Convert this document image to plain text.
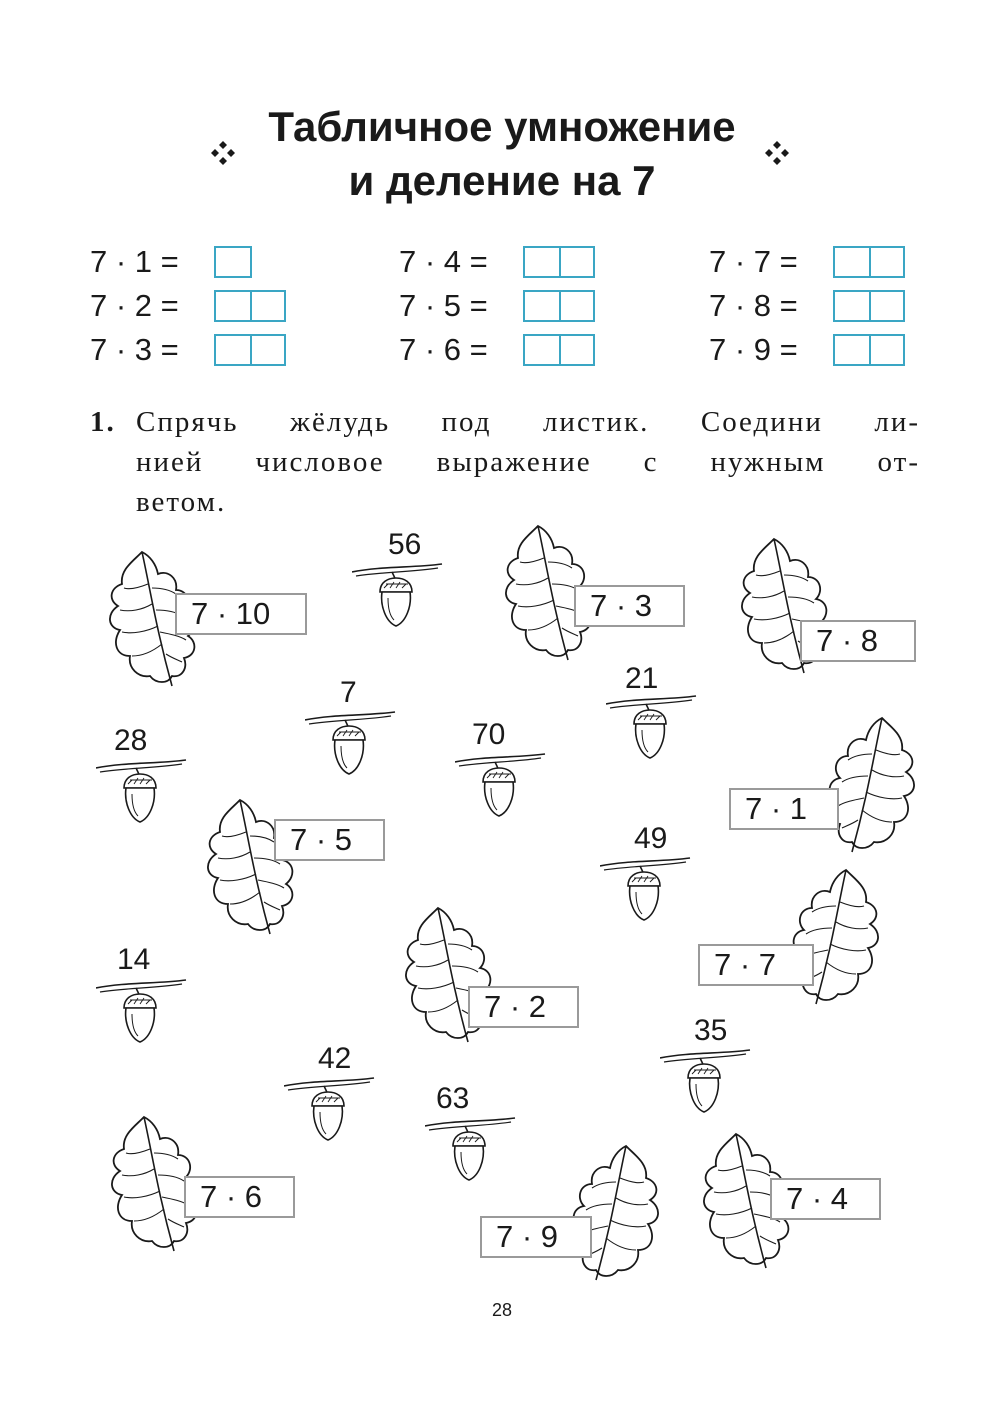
Табличное умножение
и деление на 7
7 · 1 =
7 · 2 =
7 · 3 =
7 · 4 =
7 · 5 =
7 · 6 =
7 · 7 =
7 · 8 =
7 · 9 =
1. Спрячь жёлудь под листик. Соедини ли-
нией числовое выражение с нужным от-
ветом.
7 · 10	7 · 3
7 · 8
7 · 1
7 · 5
7 · 7
7 · 2
7 · 6
7 · 9
7 · 4
56
7	21
28	70
49
14
35
42
63
28
